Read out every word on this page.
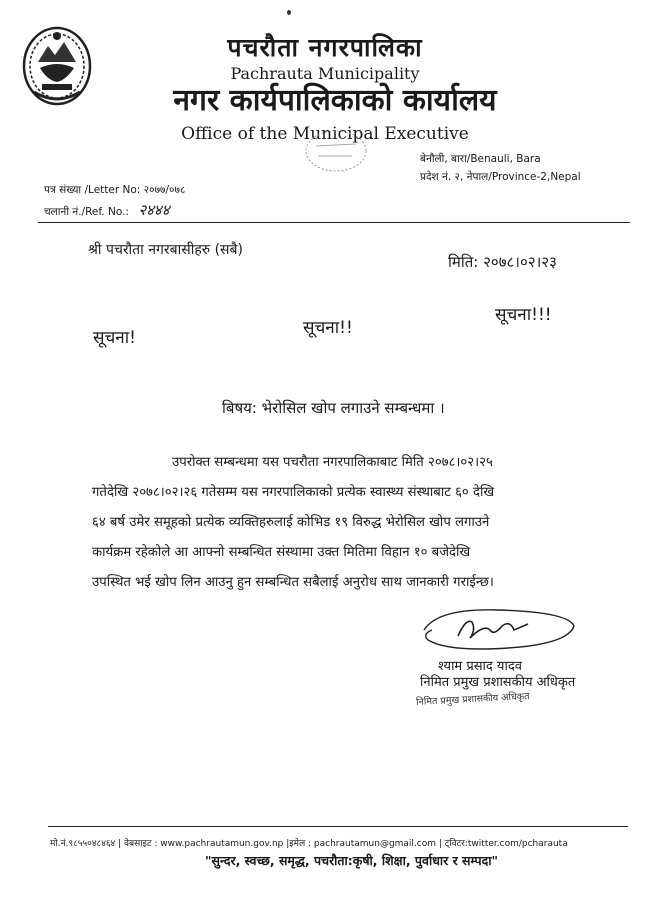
पचरौता नगरपालिका
Pachrauta Municipality
नगर कार्यपालिकाको कार्यालय
Office of the Municipal Executive
बेनौली, बारा/Benauli, Bara
प्रदेश नं. २, नेपाल/Province-2,Nepal
पत्र संख्या /Letter No: २०७७/०७८
चलानी नं./Ref. No.: २४४४
श्री पचरौता नगरबासीहरु (सबै)
मिति: २०७८।०२।२३
सूचना!	सूचना!!
सूचना!!!
बिषय: भेरोसिल खोप लगाउने सम्बन्धमा ।
उपरोक्त सम्बन्धमा यस पचरौता नगरपालिकाबाट मिति २०७८।०२।२५
गतेदेखि २०७८।०२।२६ गतेसम्म यस नगरपालिकाको प्रत्येक स्वास्थ्य संस्थाबाट ६० देखि
६४ बर्ष उमेर समूहको प्रत्येक व्यक्तिहरुलाई कोभिड १९ विरुद्ध भेरोसिल खोप लगाउने
कार्यक्रम रहेकोले आ आफ्नो सम्बन्धित संस्थामा उक्त मितिमा विहान १० बजेदेखि
उपस्थित भई खोप लिन आउनु हुन सम्बन्धित सबैलाई अनुरोध साथ जानकारी गराईन्छ।
श्याम प्रसाद यादव
निमित प्रमुख प्रशासकीय अधिकृत
निमित प्रमुख प्रशासकीय अधिकृत
मो.नं.९८५५०४८४६४ | वेबसाइट : www.pachrautamun.gov.np |इमेल : pachrautamun@gmail.com | ट्विटर:twitter.com/pcharauta
"सुन्दर, स्वच्छ, समृद्ध, पचरौता:कृषी, शिक्षा, पुर्वाधार र सम्पदा"
